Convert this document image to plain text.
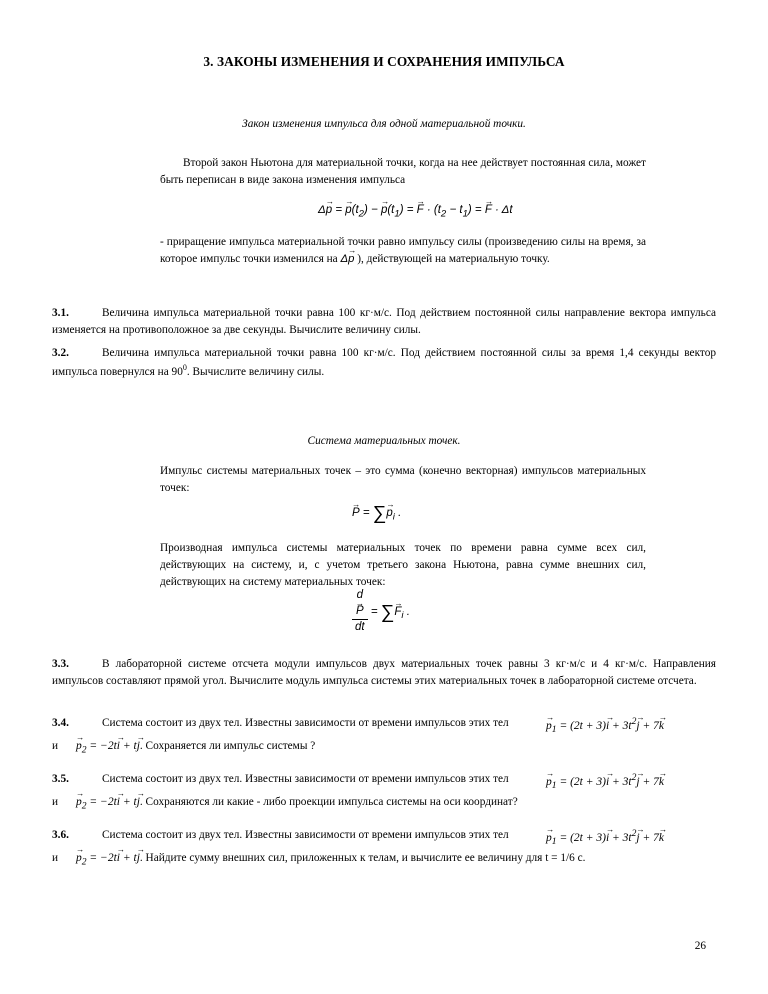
3. ЗАКОНЫ ИЗМЕНЕНИЯ И СОХРАНЕНИЯ ИМПУЛЬСА
Закон изменения импульса для одной материальной точки.
Второй закон Ньютона для материальной точки, когда на нее действует постоянная сила, может быть переписан в виде закона изменения импульса
Δ→ p = → $p(t_2)$ − → $p(t_1)$ = → $F \cdot (t_2 - t_1)$ = → F · Δt
- приращение импульса материальной точки равно импульсу силы (произведению силы на время, за которое импульс точки изменился на Δ→ p ), действующей на материальную точку.
3.1.	Величина импульса материальной точки равна 100 кг·м/с. Под действием постоянной силы направление вектора импульса изменяется на противоположное за две секунды. Вычислите величину силы.
3.2.	Величина импульса материальной точки равна 100 кг·м/с. Под действием постоянной силы за время 1,4 секунды вектор импульса повернулся на $90^0$. Вычислите величину силы.
Система материальных точек.
Импульс системы материальных точек – это сумма (конечно векторная) импульсов материальных точек:
→ P = ∑→ $p_i$ .
Производная импульса системы материальных точек по времени равна сумме всех сил, действующих на систему, и, с учетом третьего закона Ньютона, равна сумме внешних сил, действующих на систему материальных точек:
d
→ P
dt = ∑→ $F_i$ .
3.3.	В лабораторной системе отсчета модули импульсов двух материальных точек равны 3 кг·м/с и 4 кг·м/с. Направления импульсов составляют прямой угол. Вычислите модуль импульса системы этих материальных точек в лабораторной системе отсчета.
3.4.	Система состоит из двух тел. Известны зависимости от времени импульсов этих тел	→ $p_1 = (2t + 3)\to i + 3t^2\to j + 7\to k$
$и \to p_2 = -2t\to i + t\to j$. Сохраняется ли импульс системы ?
3.5.	Система состоит из двух тел. Известны зависимости от времени импульсов этих тел	→ $p_1 = (2t + 3)\to i + 3t^2\to j + 7\to k$
$и \to p_2 = -2t\to i + t\to j$. Сохраняются ли какие - либо проекции импульса системы на оси координат?
3.6.	Система состоит из двух тел. Известны зависимости от времени импульсов этих тел	→ $p_1 = (2t + 3)\to i + 3t^2\to j + 7\to k$
$и \to p_2 = -2t\to i + t\to j$. Найдите сумму внешних сил, приложенных к телам, и вычислите ее величину для t = 1/6 с.
26
